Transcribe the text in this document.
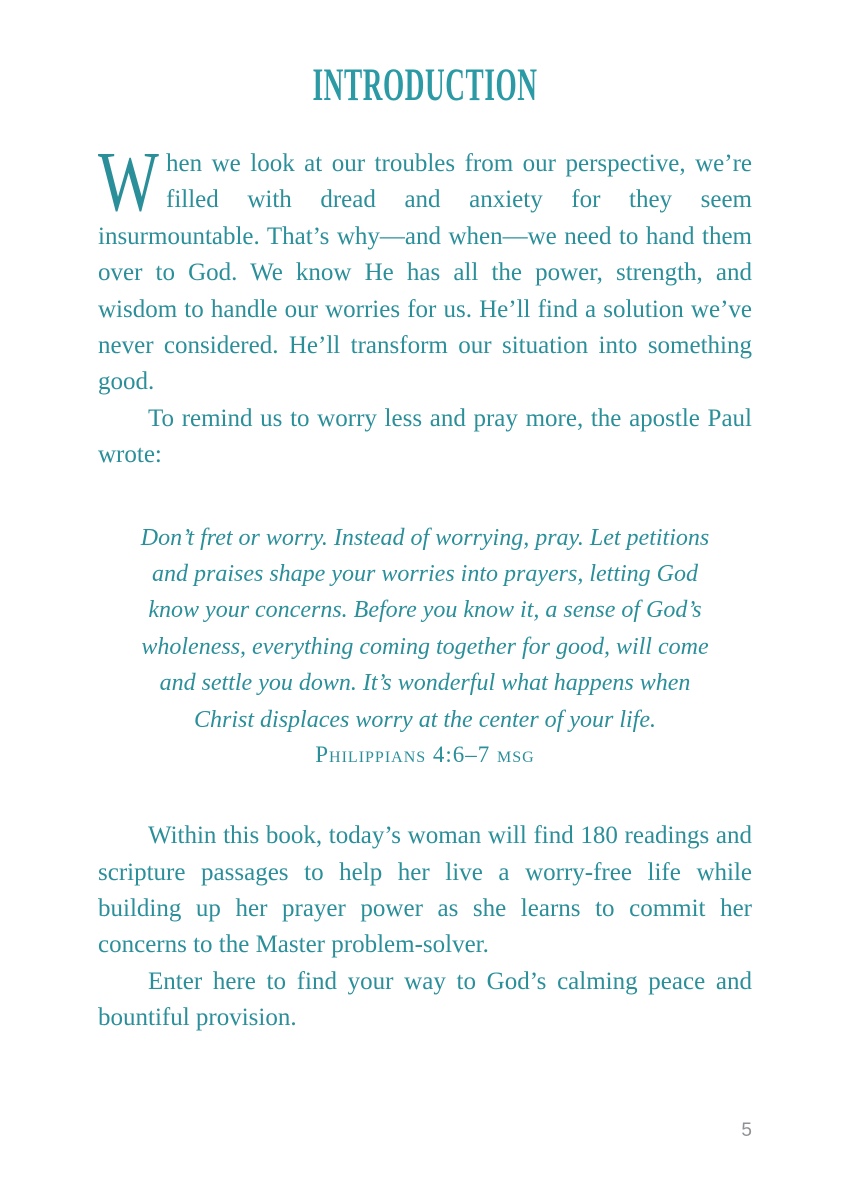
INTRODUCTION

When we look at our troubles from our perspective, we’re filled with dread and anxiety for they seem insurmountable. That’s why—and when—we need to hand them over to God. We know He has all the power, strength, and wisdom to handle our worries for us. He’ll find a solution we’ve never considered. He’ll transform our situation into something good.

To remind us to worry less and pray more, the apostle Paul wrote:

Don’t fret or worry. Instead of worrying, pray. Let petitions
and praises shape your worries into prayers, letting God
know your concerns. Before you know it, a sense of God’s
wholeness, everything coming together for good, will come
and settle you down. It’s wonderful what happens when
Christ displaces worry at the center of your life.
Philippians 4:6–7 msg

Within this book, today’s woman will find 180 readings and scripture passages to help her live a worry-free life while building up her prayer power as she learns to commit her concerns to the Master problem-solver.

Enter here to find your way to God’s calming peace and bountiful provision.

5
